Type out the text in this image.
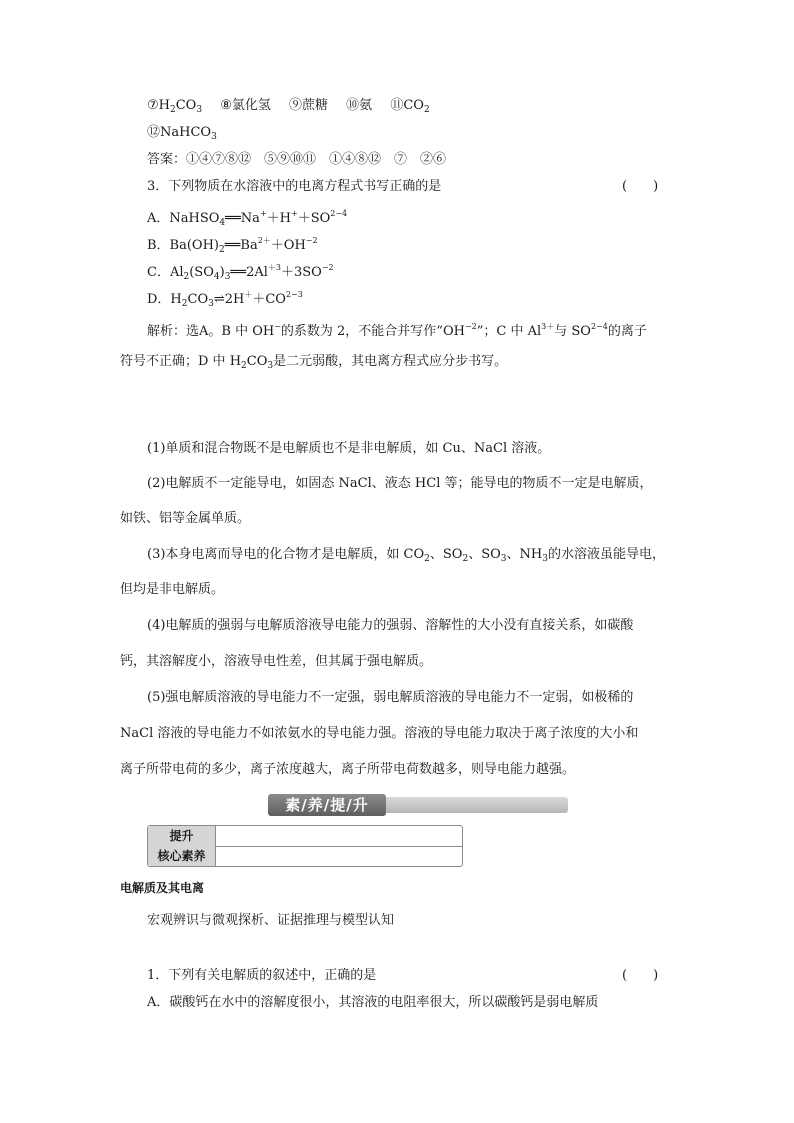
$⑦H_2CO_3$ ⑧氯化氢 ⑨蔗糖 ⑩氨 $⑪CO_2$
⑫NaHCO$_3$
答案：①④⑦⑧⑫　⑤⑨⑩⑪　①④⑧⑫　⑦　②⑥
3．下列物质在水溶液中的电离方程式书写正确的是	(　　)
A．$NaHSO_4══Na^++H^++SO^{2-4}$
B．$Ba(OH)_2══Ba^{2+}+OH^{-2}$
C．$Al_2(SO_4)_3══2Al^{+3}+3SO^{-2}$
D．$H_2CO_3\rightleftharpoons 2H^++CO^{2-3}$
解析：选A。B 中 OH−的系数为 2，不能合并写作“$OH^{-2}$”；C 中 $Al^{3+}$与 $SO^{2-4}$的离子
符号不正确；D 中 $H_2CO_3$是二元弱酸，其电离方程式应分步书写。
(1)单质和混合物既不是电解质也不是非电解质，如 Cu、NaCl 溶液。
(2)电解质不一定能导电，如固态 NaCl、液态 HCl 等；能导电的物质不一定是电解质，
如铁、铝等金属单质。
(3)本身电离而导电的化合物才是电解质，如 $CO_2$、$SO_2$、$SO_3$、$NH_3$的水溶液虽能导电，
但均是非电解质。
(4)电解质的强弱与电解质溶液导电能力的强弱、溶解性的大小没有直接关系，如碳酸
钙，其溶解度小，溶液导电性差，但其属于强电解质。
(5)强电解质溶液的导电能力不一定强，弱电解质溶液的导电能力不一定弱，如极稀的
NaCl 溶液的导电能力不如浓氨水的导电能力强。溶液的导电能力取决于离子浓度的大小和
离子所带电荷的多少，离子浓度越大，离子所带电荷数越多，则导电能力越强。
素/养/提/升
提升
核心素养
电解质及其电离
宏观辨识与微观探析、证据推理与模型认知
1．下列有关电解质的叙述中，正确的是	(　　)
A．碳酸钙在水中的溶解度很小，其溶液的电阻率很大，所以碳酸钙是弱电解质
